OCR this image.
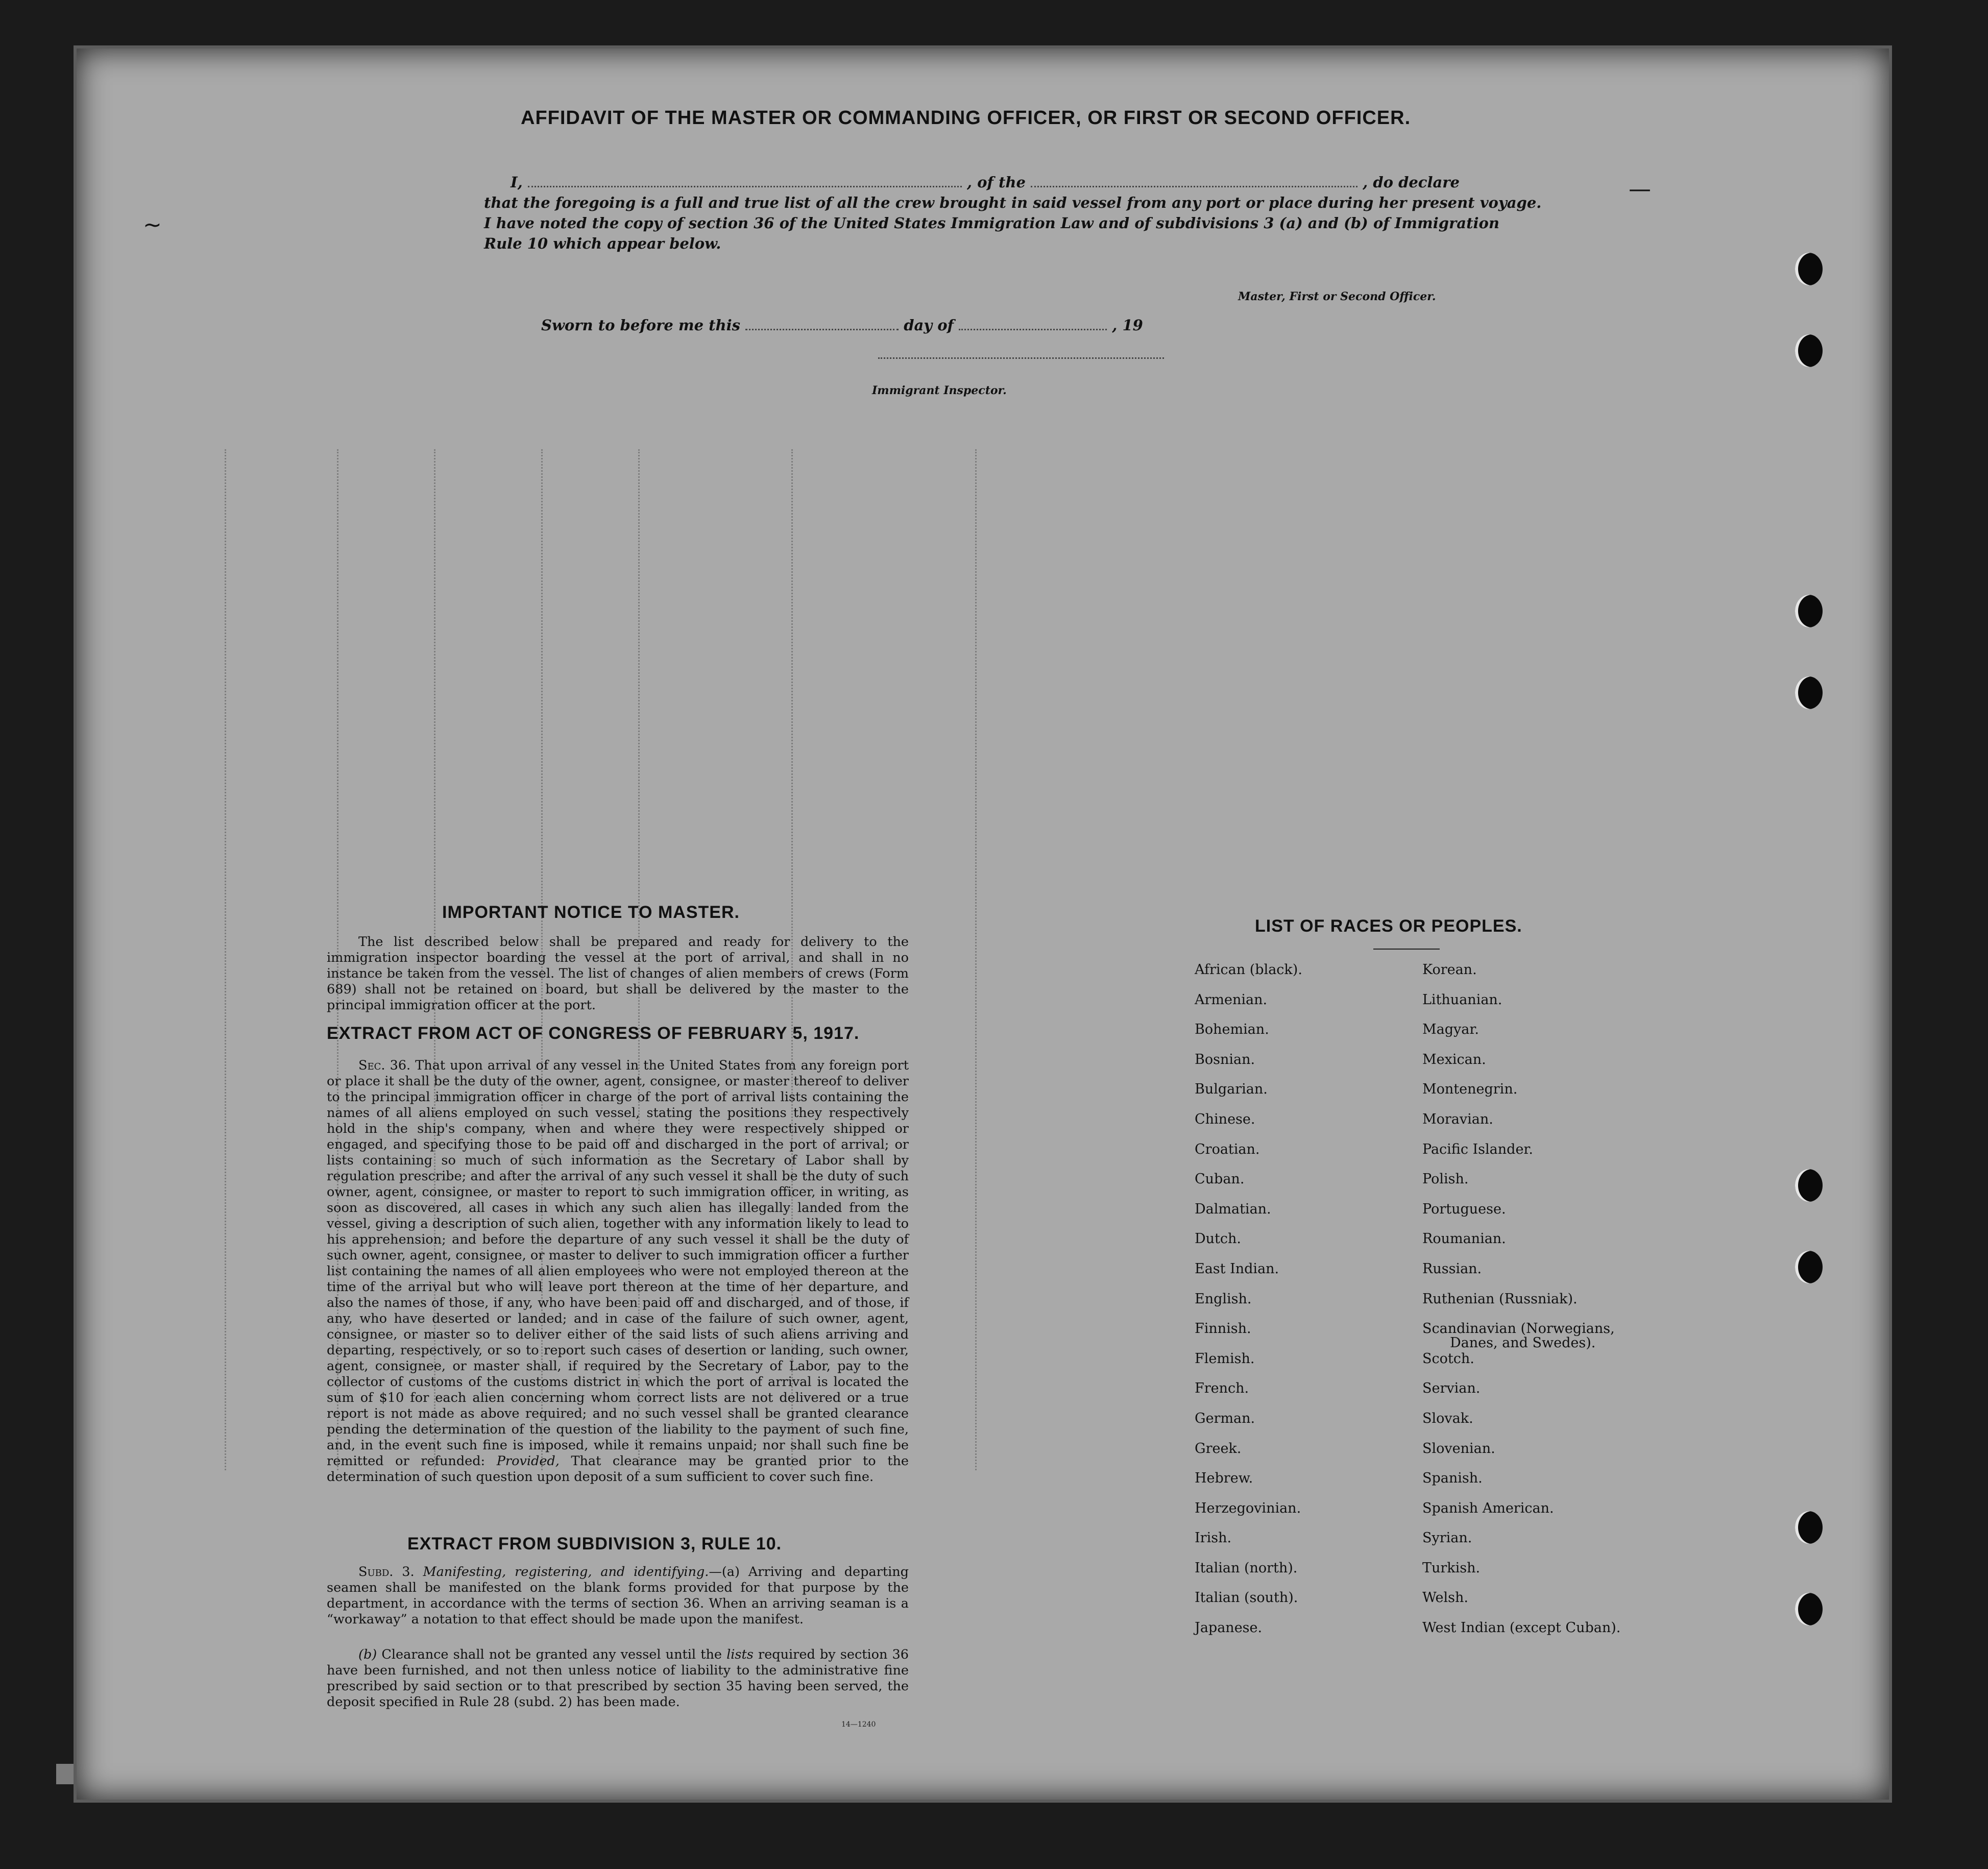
~
—
AFFIDAVIT OF THE MASTER OR COMMANDING OFFICER, OR FIRST OR SECOND OFFICER.
I,	, of the	, do declare
that the foregoing is a full and true list of all the crew brought in said vessel from any port or place during her present voyage.
I have noted the copy of section 36 of the United States Immigration Law and of subdivisions 3 (a) and (b) of Immigration
Rule 10 which appear below.
Master, First or Second Officer.
Sworn to before me this	day of	, 19
Immigrant Inspector.
IMPORTANT NOTICE TO MASTER.
The list described below shall be prepared and ready for delivery to the immigration inspector boarding the vessel at the port of arrival, and shall in no instance be taken from the vessel. The list of changes of alien members of crews (Form 689) shall not be retained on board, but shall be delivered by the master to the principal immigration officer at the port.
EXTRACT FROM ACT OF CONGRESS OF FEBRUARY 5, 1917.
Sec. 36. That upon arrival of any vessel in the United States from any foreign port or place it shall be the duty of the owner, agent, consignee, or master thereof to deliver to the principal immigration officer in charge of the port of arrival lists containing the names of all aliens employed on such vessel, stating the positions they respectively hold in the ship's company, when and where they were respectively shipped or engaged, and specifying those to be paid off and discharged in the port of arrival; or lists containing so much of such information as the Secretary of Labor shall by regulation prescribe; and after the arrival of any such vessel it shall be the duty of such owner, agent, consignee, or master to report to such immigration officer, in writing, as soon as discovered, all cases in which any such alien has illegally landed from the vessel, giving a description of such alien, together with any information likely to lead to his apprehension; and before the departure of any such vessel it shall be the duty of such owner, agent, consignee, or master to deliver to such immigration officer a further list containing the names of all alien employees who were not employed thereon at the time of the arrival but who will leave port thereon at the time of her departure, and also the names of those, if any, who have been paid off and discharged, and of those, if any, who have deserted or landed; and in case of the failure of such owner, agent, consignee, or master so to deliver either of the said lists of such aliens arriving and departing, respectively, or so to report such cases of desertion or landing, such owner, agent, consignee, or master shall, if required by the Secretary of Labor, pay to the collector of customs of the customs district in which the port of arrival is located the sum of $10 for each alien concerning whom correct lists are not delivered or a true report is not made as above required; and no such vessel shall be granted clearance pending the determination of the question of the liability to the payment of such fine, and, in the event such fine is imposed, while it remains unpaid; nor shall such fine be remitted or refunded: Provided, That clearance may be granted prior to the determination of such question upon deposit of a sum sufficient to cover such fine.
EXTRACT FROM SUBDIVISION 3, RULE 10.
Subd. 3. Manifesting, registering, and identifying.—(a) Arriving and departing seamen shall be manifested on the blank forms provided for that purpose by the department, in accordance with the terms of section 36. When an arriving seaman is a “workaway” a notation to that effect should be made upon the manifest.
(b) Clearance shall not be granted any vessel until the lists required by section 36 have been furnished, and not then unless notice of liability to the administrative fine prescribed by said section or to that prescribed by section 35 having been served, the deposit specified in Rule 28 (subd. 2) has been made.
14—1240
LIST OF RACES OR PEOPLES.
African (black).
Armenian.
Bohemian.
Bosnian.
Bulgarian.
Chinese.
Croatian.
Cuban.
Dalmatian.
Dutch.
East Indian.
English.
Finnish.
Flemish.
French.
German.
Greek.
Hebrew.
Herzegovinian.
Irish.
Italian (north).
Italian (south).
Japanese.
Korean.
Lithuanian.
Magyar.
Mexican.
Montenegrin.
Moravian.
Pacific Islander.
Polish.
Portuguese.
Roumanian.
Russian.
Ruthenian (Russniak).
Scandinavian (Norwegians,
Danes, and Swedes).
Scotch.
Servian.
Slovak.
Slovenian.
Spanish.
Spanish American.
Syrian.
Turkish.
Welsh.
West Indian (except Cuban).
